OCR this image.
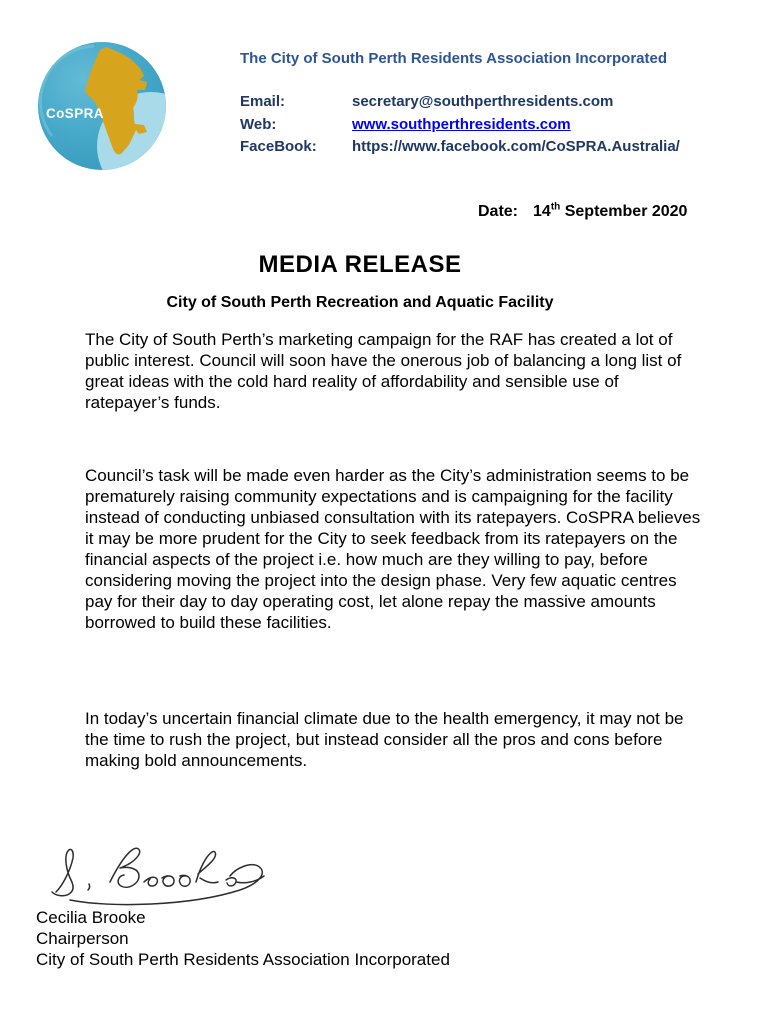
CoSPRA
The City of South Perth Residents Association Incorporated
Email:	secretary@southperthresidents.com
Web:	www.southperthresidents.com
FaceBook:	https://www.facebook.com/CoSPRA.Australia/
Date: 14th September 2020
MEDIA RELEASE
City of South Perth Recreation and Aquatic Facility
The City of South Perth’s marketing campaign for the RAF has created a lot of public interest. Council will soon have the onerous job of balancing a long list of great ideas with the cold hard reality of affordability and sensible use of ratepayer’s funds.
Council’s task will be made even harder as the City’s administration seems to be prematurely raising community expectations and is campaigning for the facility instead of conducting unbiased consultation with its ratepayers. CoSPRA believes it may be more prudent for the City to seek feedback from its ratepayers on the financial aspects of the project i.e. how much are they willing to pay, before considering moving the project into the design phase. Very few aquatic centres pay for their day to day operating cost, let alone repay the massive amounts borrowed to build these facilities.
In today’s uncertain financial climate due to the health emergency, it may not be the time to rush the project, but instead consider all the pros and cons before making bold announcements.
Cecilia Brooke
Chairperson
City of South Perth Residents Association Incorporated
